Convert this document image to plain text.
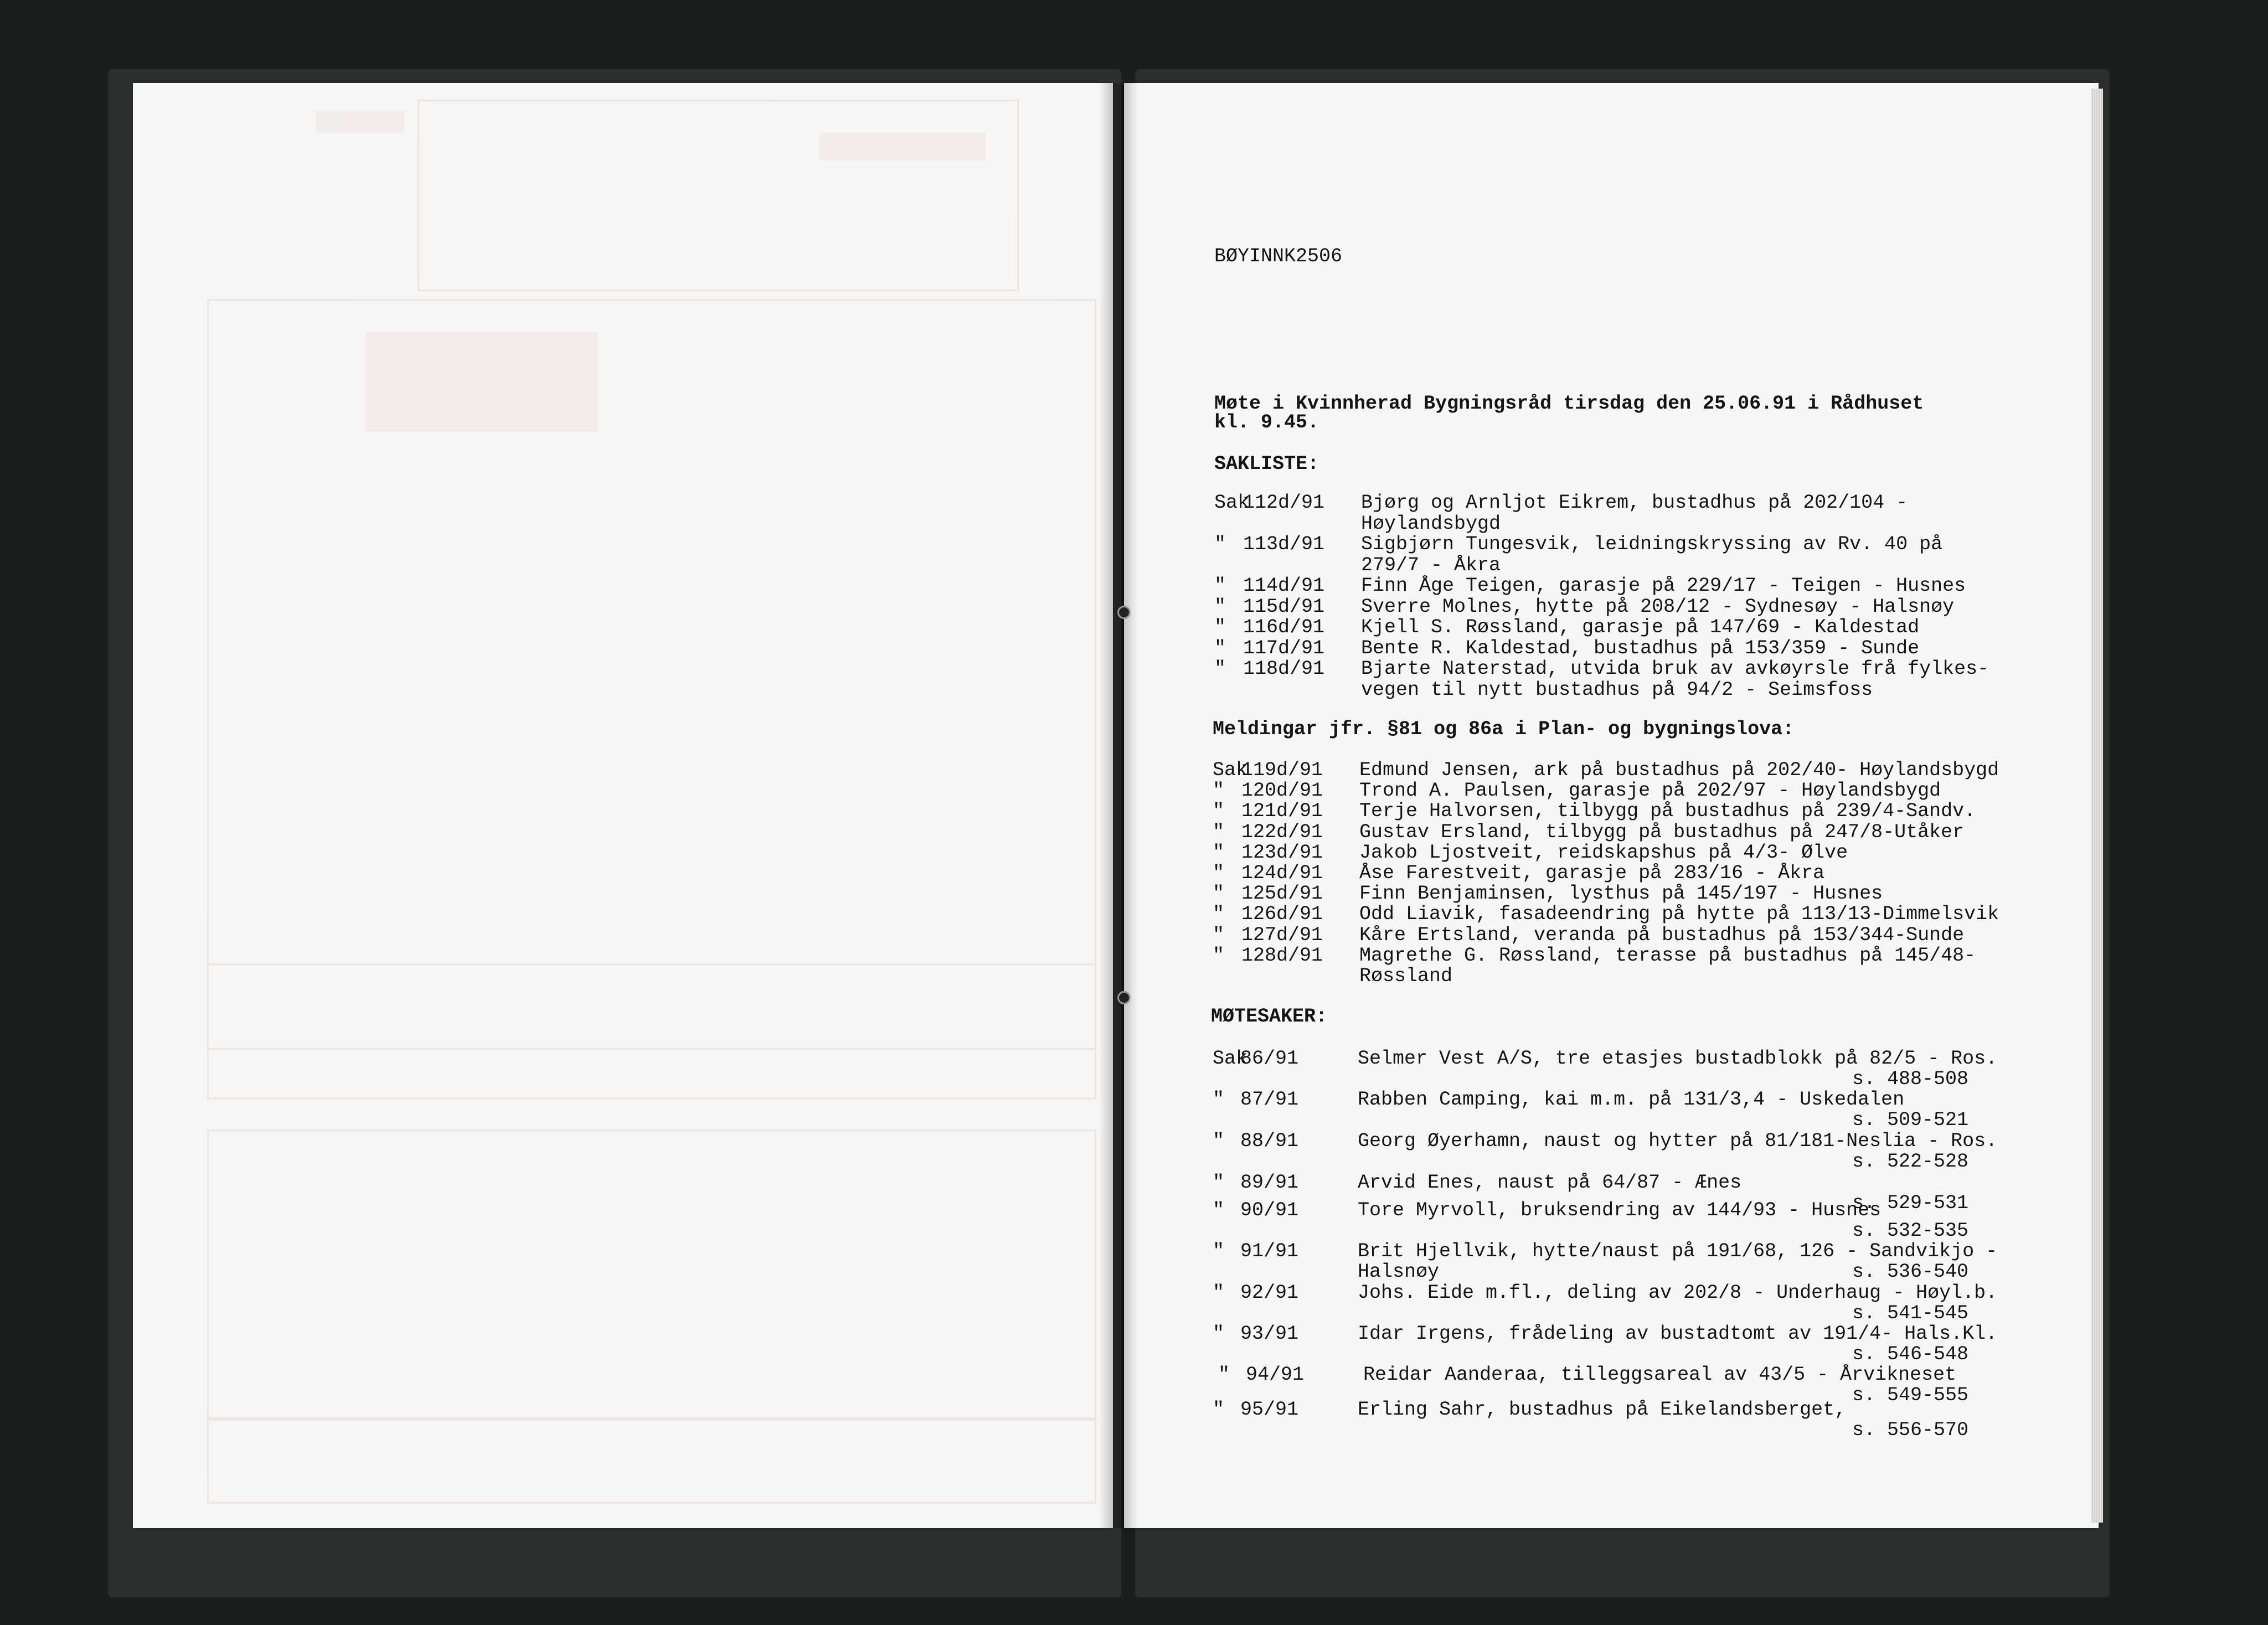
BØYINNK2506

Møte i Kvinnherad Bygningsråd tirsdag den 25.06.91 i Rådhuset

kl. 9.45.

SAKLISTE:

Sak
112d/91 Bjørg og Arnljot Eikrem, bustadhus på 202/104 -
Høylandsbygd
" 113d/91 Sigbjørn Tungesvik, leidningskryssing av Rv. 40 på
279/7 - Åkra
" 114d/91 Finn Åge Teigen, garasje på 229/17 - Teigen - Husnes
" 115d/91 Sverre Molnes, hytte på 208/12 - Sydnesøy - Halsnøy
" 116d/91 Kjell S. Røssland, garasje på 147/69 - Kaldestad
" 117d/91 Bente R. Kaldestad, bustadhus på 153/359 - Sunde
" 118d/91 Bjarte Naterstad, utvida bruk av avkøyrsle frå fylkes-
vegen til nytt bustadhus på 94/2 - Seimsfoss

Meldingar jfr. §81 og 86a i Plan- og bygningslova:

Sak
119d/91 Edmund Jensen, ark på bustadhus på 202/40- Høylandsbygd
" 120d/91 Trond A. Paulsen, garasje på 202/97 - Høylandsbygd
" 121d/91 Terje Halvorsen, tilbygg på bustadhus på 239/4-Sandv.
" 122d/91 Gustav Ersland, tilbygg på bustadhus på 247/8-Utåker
" 123d/91 Jakob Ljostveit, reidskapshus på 4/3- Ølve
" 124d/91 Åse Farestveit, garasje på 283/16 - Åkra
" 125d/91 Finn Benjaminsen, lysthus på 145/197 - Husnes
" 126d/91 Odd Liavik, fasadeendring på hytte på 113/13-Dimmelsvik
" 127d/91 Kåre Ertsland, veranda på bustadhus på 153/344-Sunde
" 128d/91 Magrethe G. Røssland, terasse på bustadhus på 145/48-
Røssland

MØTESAKER:

Sak
86/91	Selmer Vest A/S, tre etasjes bustadblokk på 82/5 - Ros.
s. 488-508
" 87/91	Rabben Camping, kai m.m. på 131/3,4 - Uskedalen
s. 509-521
" 88/91	Georg Øyerhamn, naust og hytter på 81/181-Neslia - Ros.
s. 522-528
" 89/91	Arvid Enes, naust på 64/87 - Ænes
s. 529-531
" 90/91	Tore Myrvoll, bruksendring av 144/93 - Husnes
s. 532-535
" 91/91	Brit Hjellvik, hytte/naust på 191/68, 126 - Sandvikjo -
Halsnøy	s. 536-540
" 92/91	Johs. Eide m.fl., deling av 202/8 - Underhaug - Høyl.b.
s. 541-545
" 93/91	Idar Irgens, frådeling av bustadtomt av 191/4- Hals.Kl.
s. 546-548
" 94/91	Reidar Aanderaa, tilleggsareal av 43/5 - Årvikneset
s. 549-555
" 95/91	Erling Sahr, bustadhus på Eikelandsberget,
s. 556-570
